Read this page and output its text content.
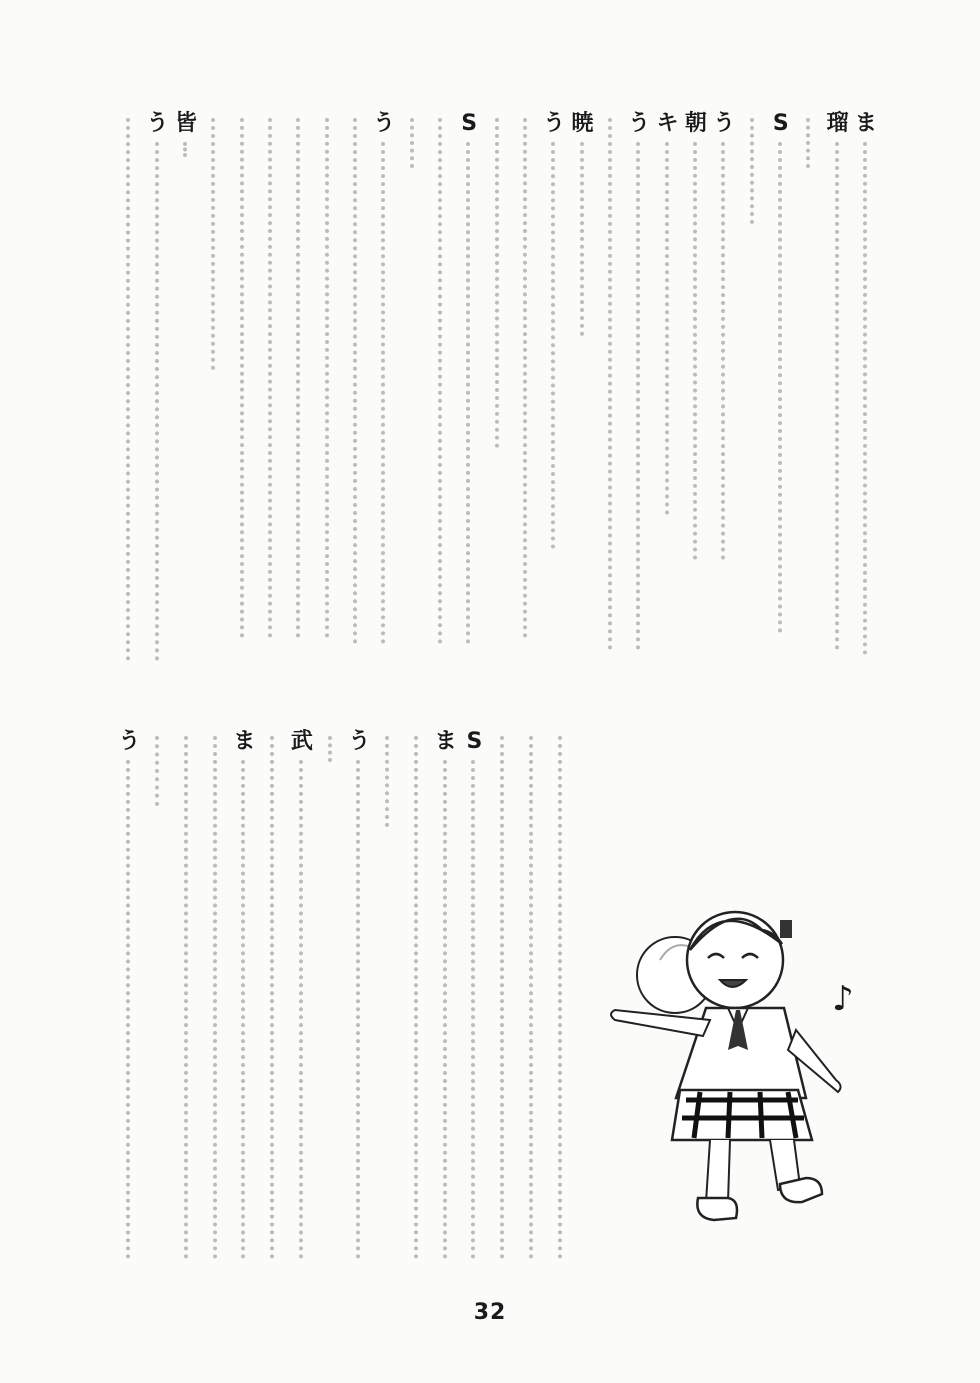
ま
瑠
S
う
朝
キ
う
暁
う
S
う
皆
う
S
ま
う
武
ま
う
♪
32
